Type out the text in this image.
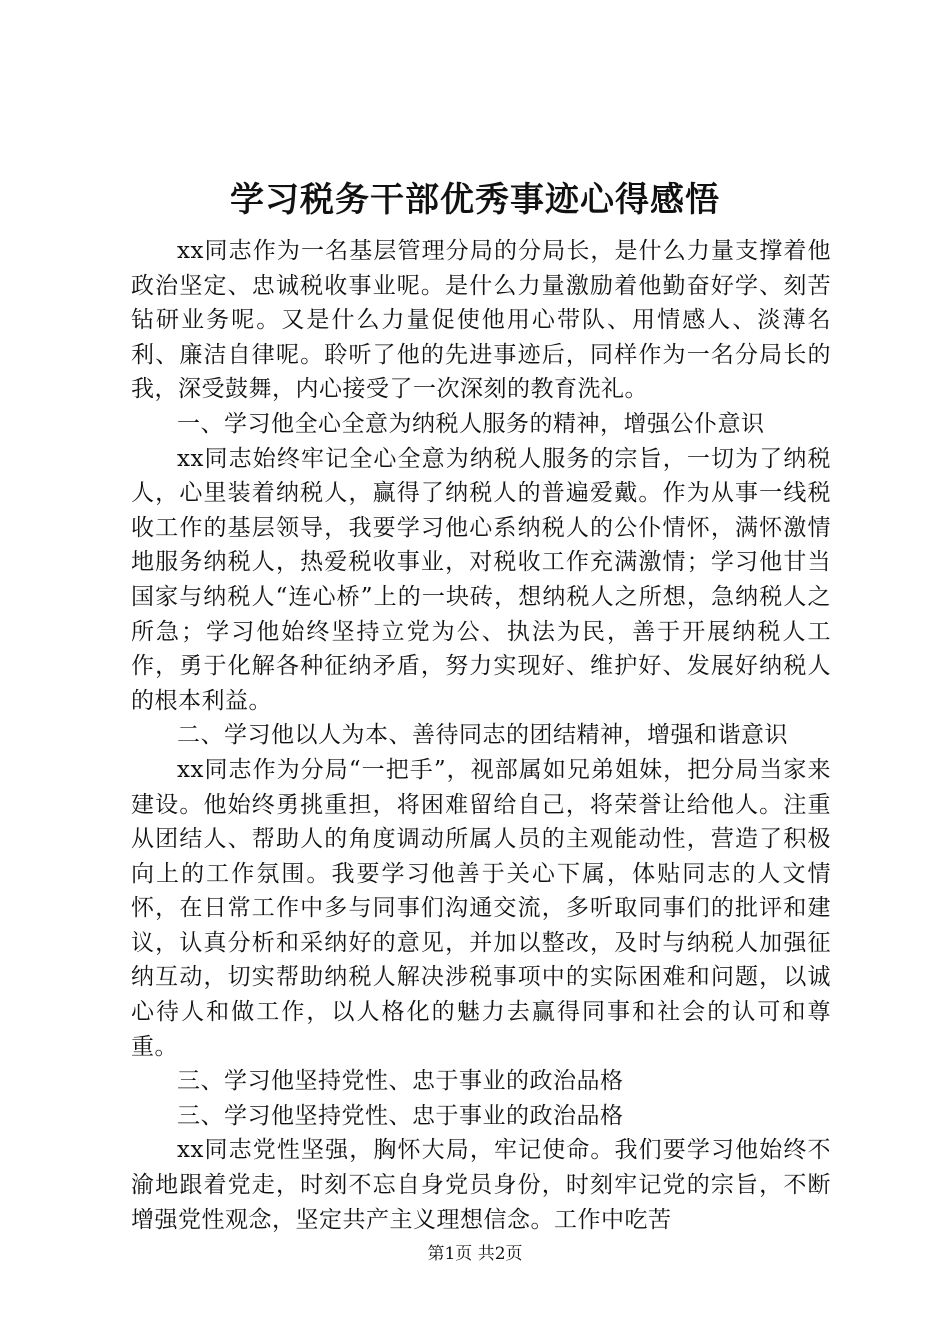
学习税务干部优秀事迹心得感悟

xx同志作为一名基层管理分局的分局长，是什么力量支撑着他政治坚定、忠诚税收事业呢。是什么力量激励着他勤奋好学、刻苦钻研业务呢。又是什么力量促使他用心带队、用情感人、淡薄名利、廉洁自律呢。聆听了他的先进事迹后，同样作为一名分局长的我，深受鼓舞，内心接受了一次深刻的教育洗礼。

一、学习他全心全意为纳税人服务的精神，增强公仆意识

xx同志始终牢记全心全意为纳税人服务的宗旨，一切为了纳税人，心里装着纳税人，赢得了纳税人的普遍爱戴。作为从事一线税收工作的基层领导，我要学习他心系纳税人的公仆情怀，满怀激情地服务纳税人，热爱税收事业，对税收工作充满激情；学习他甘当国家与纳税人“连心桥”上的一块砖，想纳税人之所想，急纳税人之所急；学习他始终坚持立党为公、执法为民，善于开展纳税人工作，勇于化解各种征纳矛盾，努力实现好、维护好、发展好纳税人的根本利益。

二、学习他以人为本、善待同志的团结精神，增强和谐意识

xx同志作为分局“一把手”，视部属如兄弟姐妹，把分局当家来建设。他始终勇挑重担，将困难留给自己，将荣誉让给他人。注重从团结人、帮助人的角度调动所属人员的主观能动性，营造了积极向上的工作氛围。我要学习他善于关心下属，体贴同志的人文情怀，在日常工作中多与同事们沟通交流，多听取同事们的批评和建议，认真分析和采纳好的意见，并加以整改，及时与纳税人加强征纳互动，切实帮助纳税人解决涉税事项中的实际困难和问题，以诚心待人和做工作，以人格化的魅力去赢得同事和社会的认可和尊重。

三、学习他坚持党性、忠于事业的政治品格

三、学习他坚持党性、忠于事业的政治品格

xx同志党性坚强，胸怀大局，牢记使命。我们要学习他始终不渝地跟着党走，时刻不忘自身党员身份，时刻牢记党的宗旨，不断增强党性观念，坚定共产主义理想信念。工作中吃苦

第1页 共2页
